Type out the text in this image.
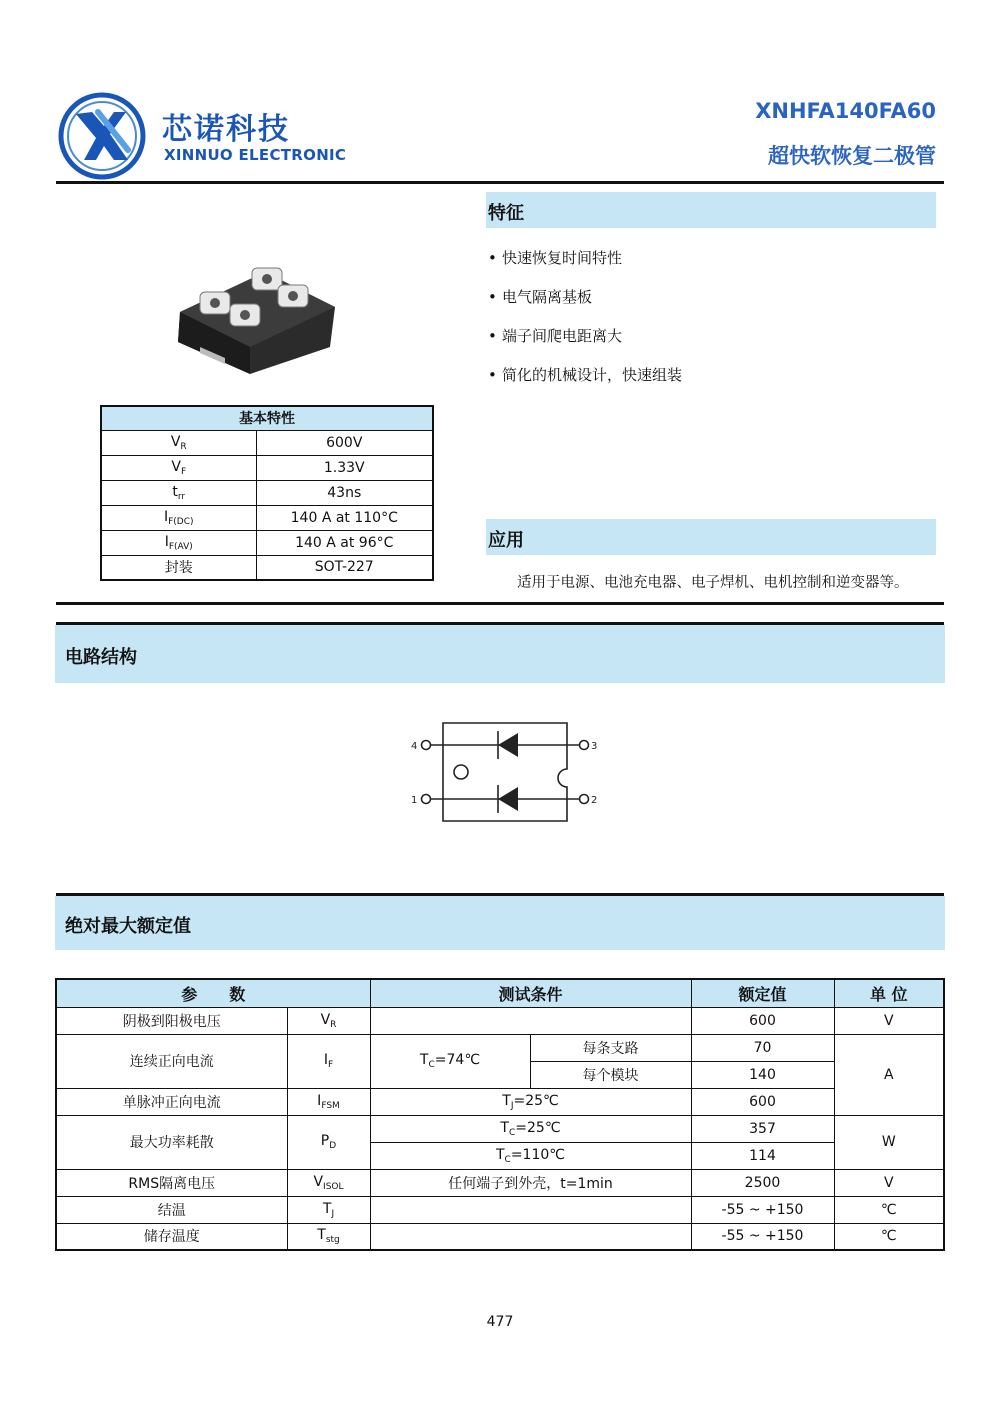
芯诺科技
XINNUO ELECTRONIC
XNHFA140FA60
超快软恢复二极管
基本特性	
$V_R$	600V
$V_F$	1.33V
$t_{rr}$	43ns
$I_{F(DC)}$	140 A at 110°C
$I_{F(AV)}$	140 A at 96°C
封装	SOT-227
特征
• 快速恢复时间特性
• 电气隔离基板
• 端子间爬电距离大
• 简化的机械设计，快速组装
应用
适用于电源、电池充电器、电子焊机、电机控制和逆变器等。
电路结构
4	3
1	2
绝对最大额定值
参　　数		测试条件		额定值	单 位
阴极到阳极电压	$V_R$			600	V
连续正向电流	$I_F$	$T_C=74℃$	每条支路	70	A
			每个模块	140	
单脉冲正向电流	$I_{FSM}$	$T_J=25℃$		600	
最大功率耗散	$P_D$	$T_C=25℃$		357	W
		$T_C=110℃$		114	
RMS隔离电压	$V_{ISOL}$	任何端子到外壳，t=1min		2500	V
结温	$T_J$			-55 ~ +150	℃
储存温度	$T_{stg}$			-55 ~ +150	℃
477
